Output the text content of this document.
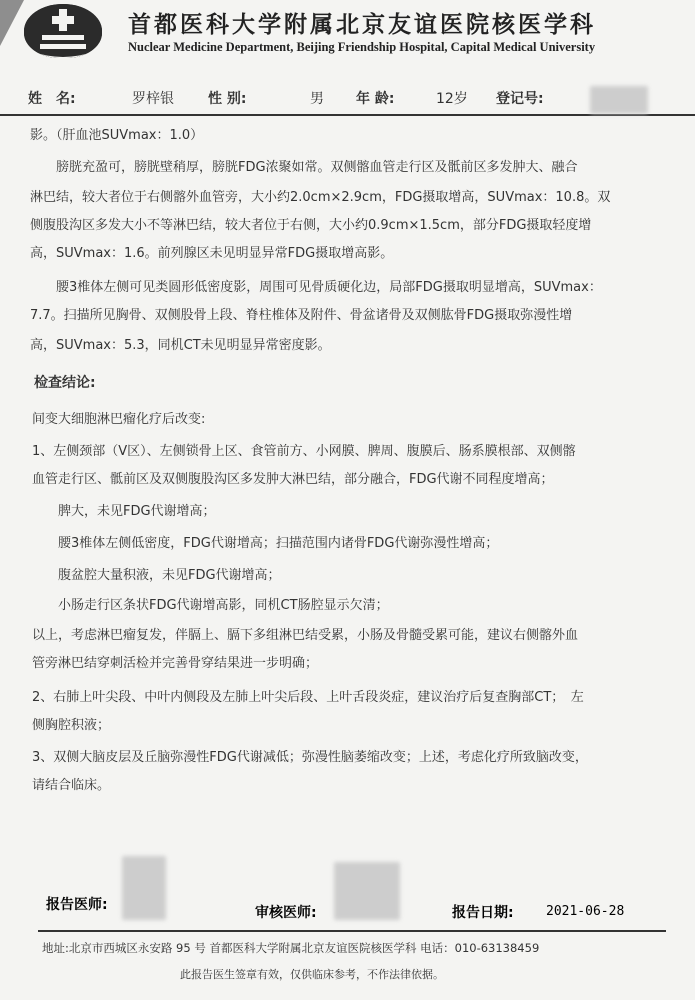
首都医科大学附属北京友谊医院核医学科
Nuclear Medicine Department, Beijing Friendship Hospital, Capital Medical University
姓　名:	罗梓银 性 别:	男 年 龄:	12岁 登记号:
影。（肝血池SUVmax：1.0）
　　膀胱充盈可，膀胱壁稍厚，膀胱FDG浓聚如常。双侧髂血管走行区及骶前区多发肿大、融合
淋巴结，较大者位于右侧髂外血管旁，大小约2.0cm×2.9cm，FDG摄取增高，SUVmax：10.8。双
侧腹股沟区多发大小不等淋巴结，较大者位于右侧，大小约0.9cm×1.5cm，部分FDG摄取轻度增
高，SUVmax：1.6。前列腺区未见明显异常FDG摄取增高影。
　　腰3椎体左侧可见类圆形低密度影，周围可见骨质硬化边，局部FDG摄取明显增高，SUVmax：
7.7。扫描所见胸骨、双侧股骨上段、脊柱椎体及附件、骨盆诸骨及双侧肱骨FDG摄取弥漫性增
高，SUVmax：5.3，同机CT未见明显异常密度影。
检查结论:
间变大细胞淋巴瘤化疗后改变:
1、左侧颈部（Ⅴ区）、左侧锁骨上区、食管前方、小网膜、脾周、腹膜后、肠系膜根部、双侧髂
血管走行区、骶前区及双侧腹股沟区多发肿大淋巴结，部分融合，FDG代谢不同程度增高；
　　脾大，未见FDG代谢增高；
　　腰3椎体左侧低密度，FDG代谢增高；扫描范围内诸骨FDG代谢弥漫性增高；
　　腹盆腔大量积液，未见FDG代谢增高；
　　小肠走行区条状FDG代谢增高影，同机CT肠腔显示欠清；
以上，考虑淋巴瘤复发，伴膈上、膈下多组淋巴结受累，小肠及骨髓受累可能，建议右侧髂外血
管旁淋巴结穿刺活检并完善骨穿结果进一步明确；
2、右肺上叶尖段、中叶内侧段及左肺上叶尖后段、上叶舌段炎症，建议治疗后复查胸部CT；　左
侧胸腔积液；
3、双侧大脑皮层及丘脑弥漫性FDG代谢减低；弥漫性脑萎缩改变；上述，考虑化疗所致脑改变，
请结合临床。
报告医师:	审核医师:	报告日期: 2021-06-28
地址:北京市西城区永安路 95 号 首都医科大学附属北京友谊医院核医学科 电话：010-63138459
此报告医生签章有效，仅供临床参考，不作法律依据。
